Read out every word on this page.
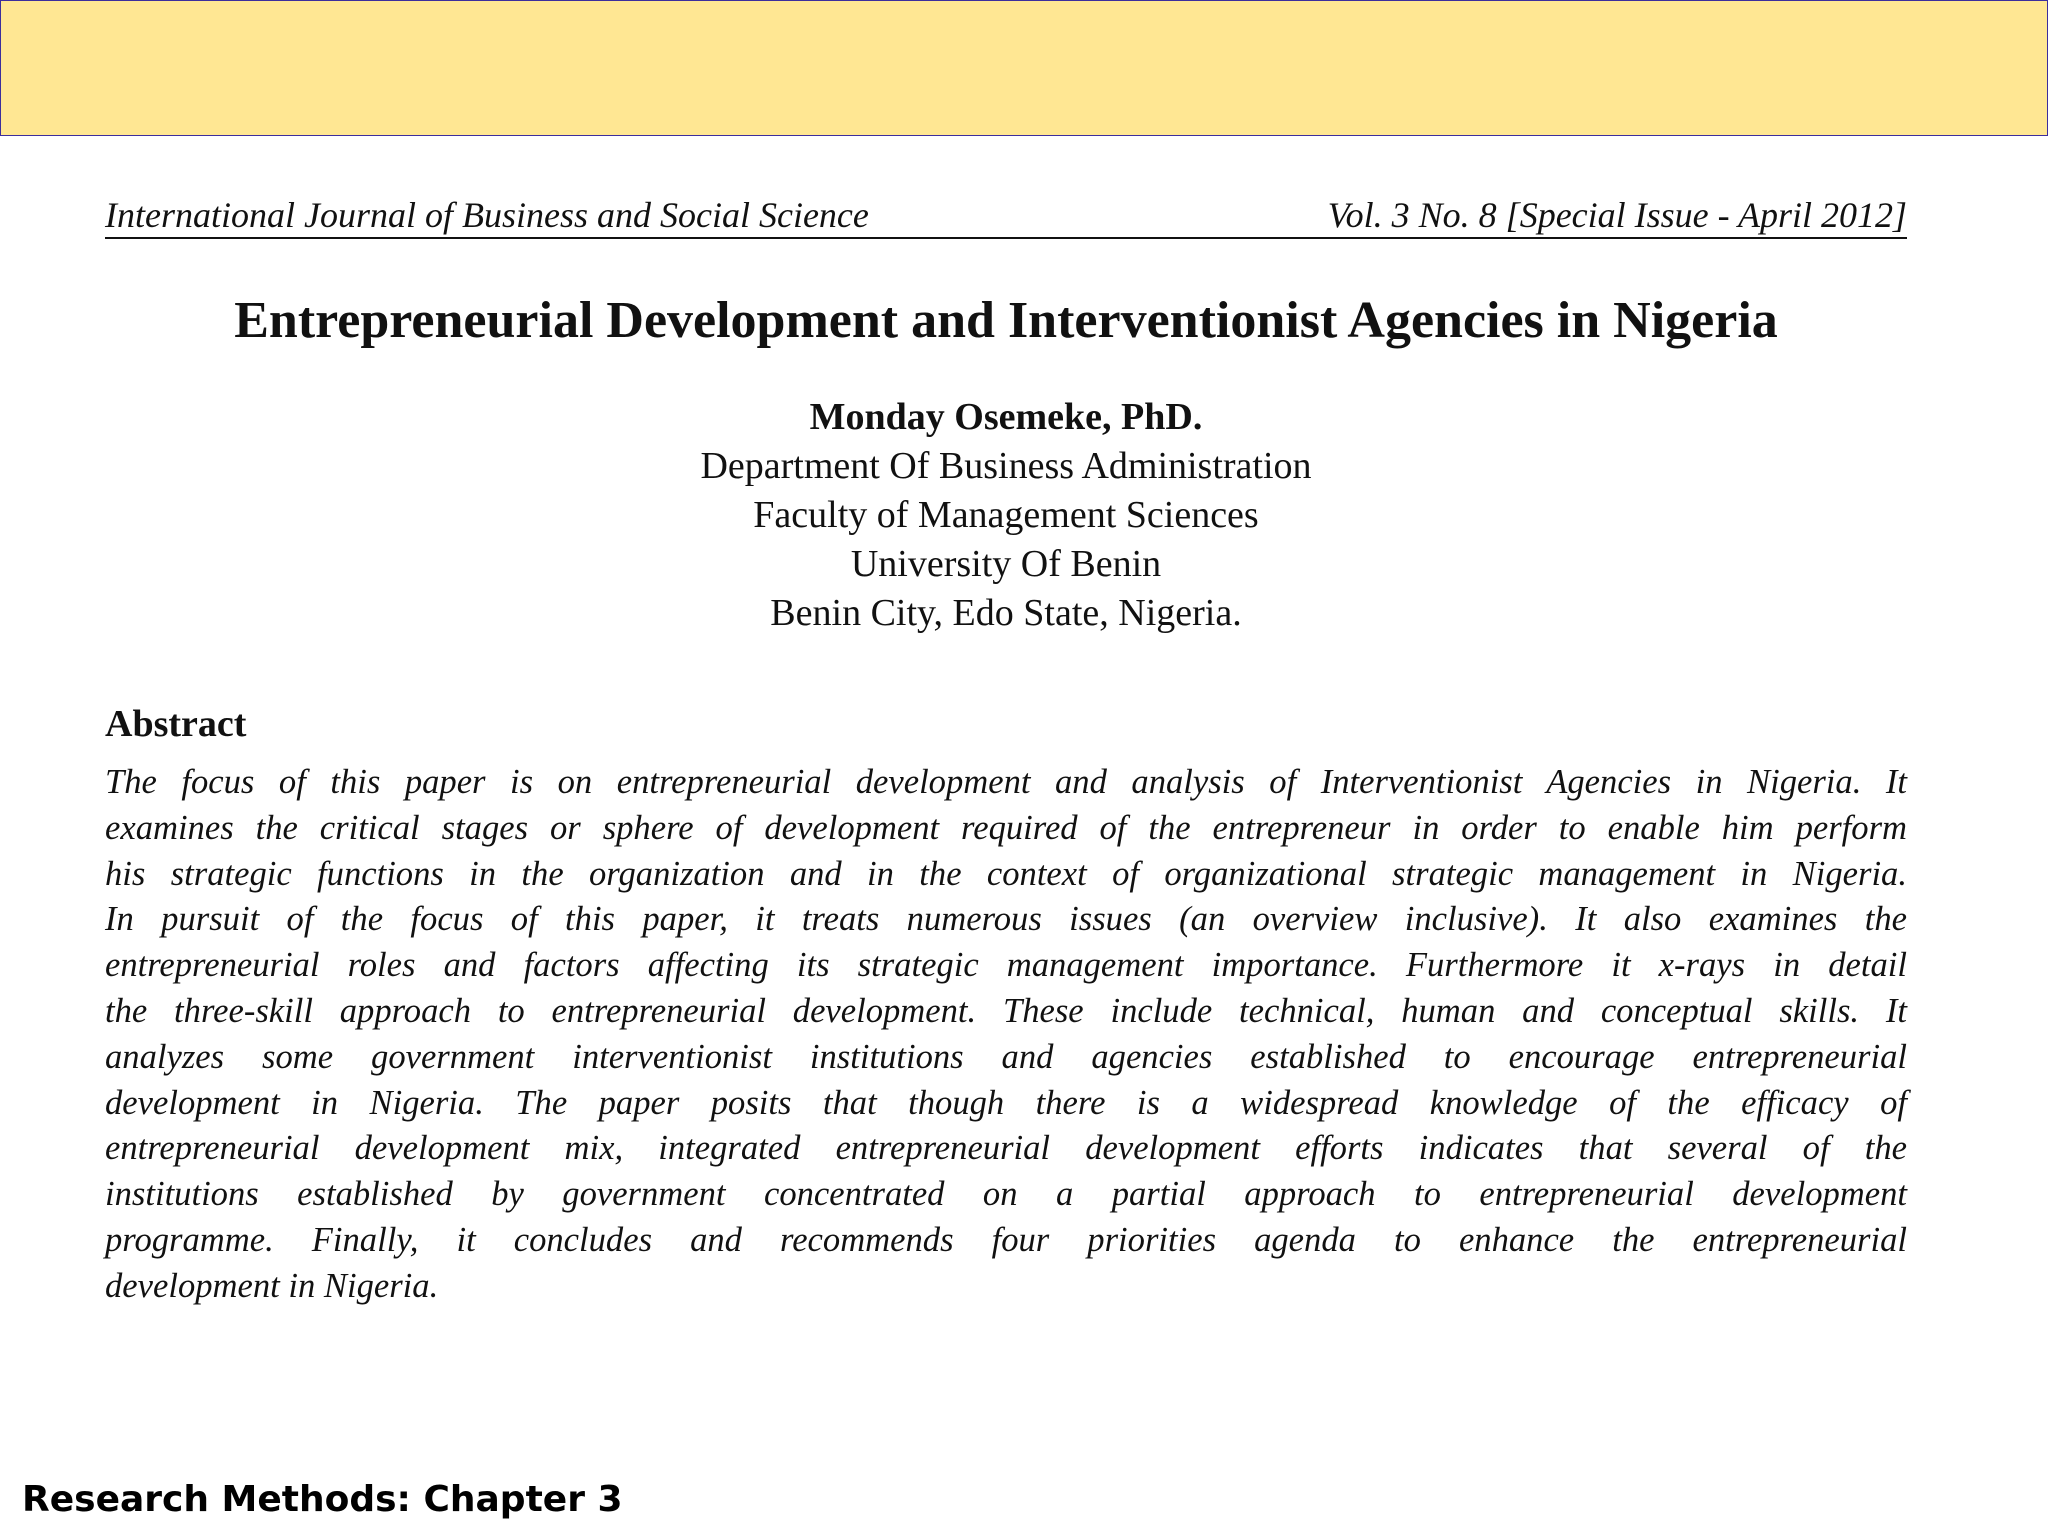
International Journal of Business and Social Science	Vol. 3 No. 8 [Special Issue - April 2012]
Entrepreneurial Development and Interventionist Agencies in Nigeria
Monday Osemeke, PhD.
Department Of Business Administration
Faculty of Management Sciences
University Of Benin
Benin City, Edo State, Nigeria.
Abstract
The focus of this paper is on entrepreneurial development and analysis of Interventionist Agencies in Nigeria. It
examines the critical stages or sphere of development required of the entrepreneur in order to enable him perform
his strategic functions in the organization and in the context of organizational strategic management in Nigeria.
In pursuit of the focus of this paper, it treats numerous issues (an overview inclusive). It also examines the
entrepreneurial roles and factors affecting its strategic management importance. Furthermore it x-rays in detail
the three-skill approach to entrepreneurial development. These include technical, human and conceptual skills. It
analyzes some government interventionist institutions and agencies established to encourage entrepreneurial
development in Nigeria. The paper posits that though there is a widespread knowledge of the efficacy of
entrepreneurial development mix, integrated entrepreneurial development efforts indicates that several of the
institutions established by government concentrated on a partial approach to entrepreneurial development
programme. Finally, it concludes and recommends four priorities agenda to enhance the entrepreneurial
development in Nigeria.
Research Methods: Chapter 3
